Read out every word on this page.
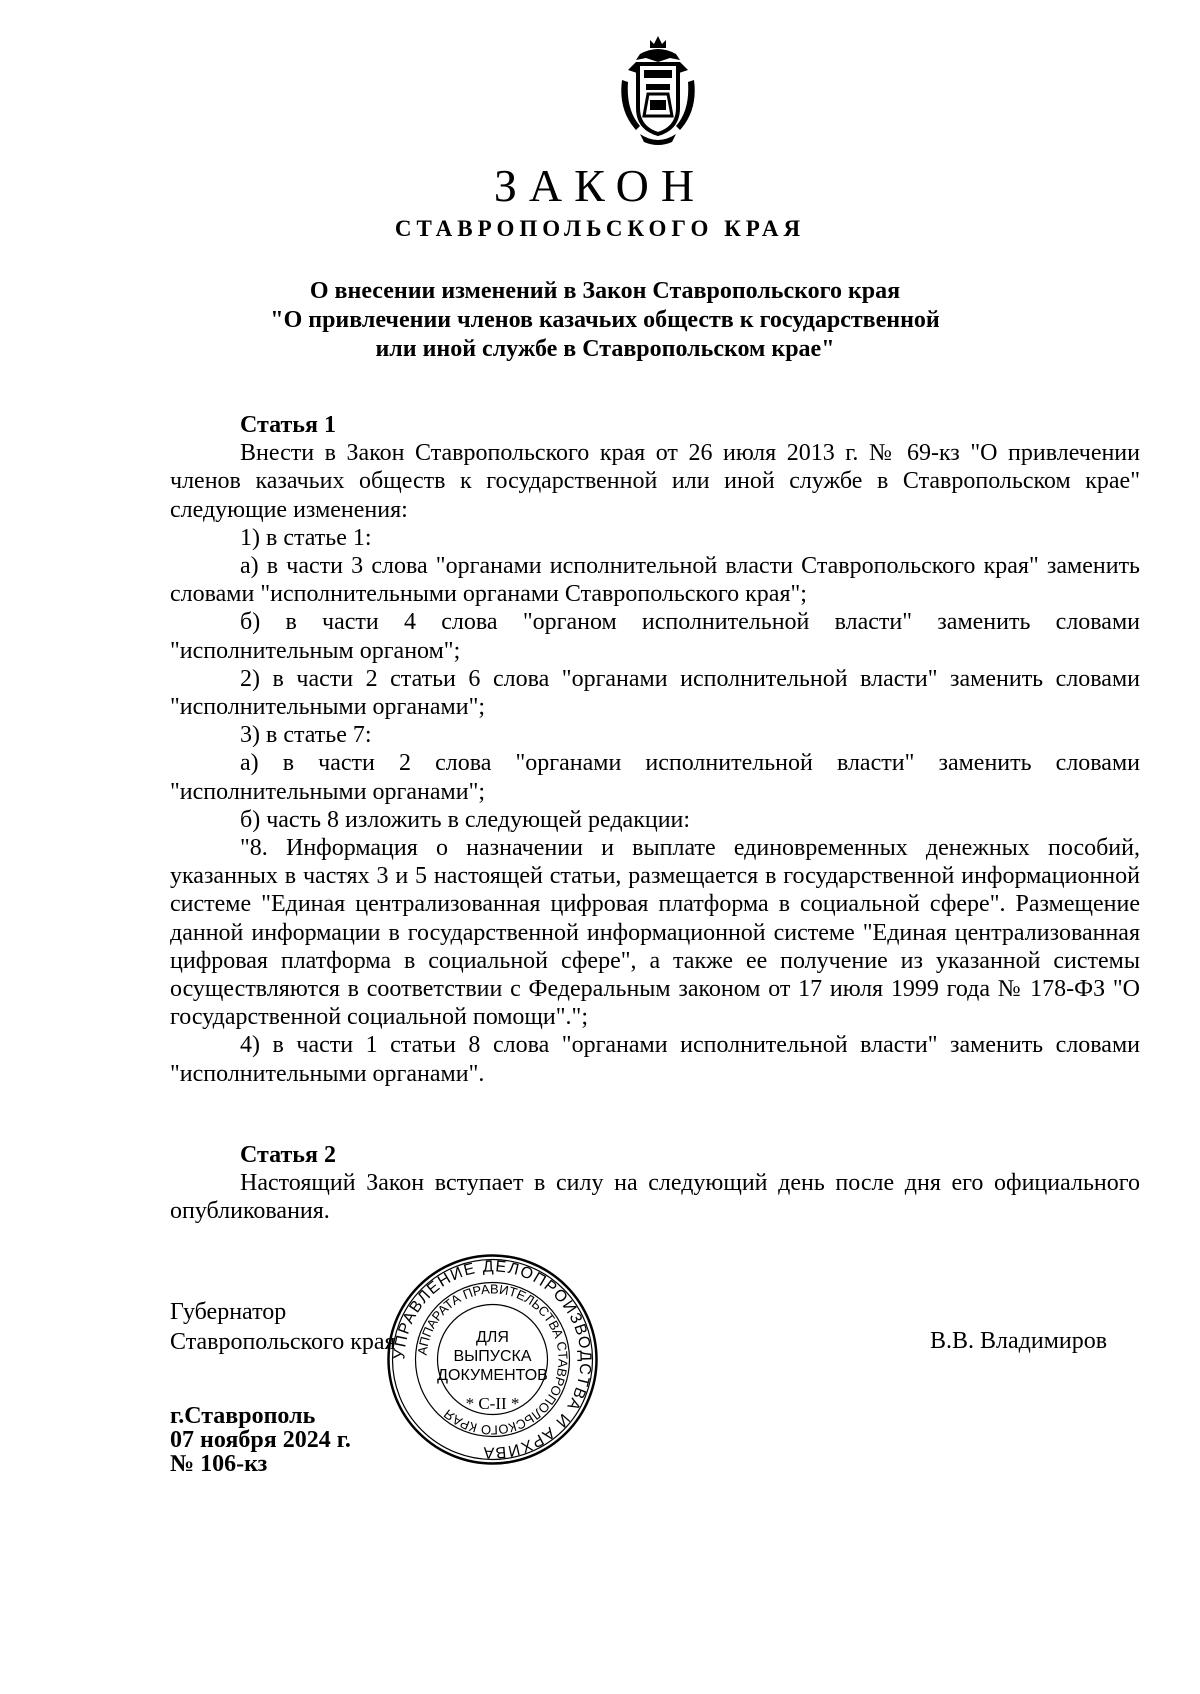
ЗАКОН
СТАВРОПОЛЬСКОГО КРАЯ
О внесении изменений в Закон Ставропольского края
"О привлечении членов казачьих обществ к государственной
или иной службе в Ставропольском крае"

Статья 1

Внести в Закон Ставропольского края от 26 июля 2013 г. № 69-кз "О привлечении членов казачьих обществ к государственной или иной службе в Ставропольском крае" следующие изменения:

1) в статье 1:

а) в части 3 слова "органами исполнительной власти Ставропольского края" заменить словами "исполнительными органами Ставропольского края";

б) в части 4 слова "органом исполнительной власти" заменить словами "исполнительным органом";

2) в части 2 статьи 6 слова "органами исполнительной власти" заменить словами "исполнительными органами";

3) в статье 7:

а) в части 2 слова "органами исполнительной власти" заменить словами "исполнительными органами";

б) часть 8 изложить в следующей редакции:

"8. Информация о назначении и выплате единовременных денежных пособий, указанных в частях 3 и 5 настоящей статьи, размещается в государственной информационной системе "Единая централизованная цифровая платформа в социальной сфере". Размещение данной информации в государственной информационной системе "Единая централизованная цифровая платформа в социальной сфере", а также ее получение из указанной системы осуществляются в соответствии с Федеральным законом от 17 июля 1999 года № 178-ФЗ "О государственной социальной помощи".";

4) в части 1 статьи 8 слова "органами исполнительной власти" заменить словами "исполнительными органами".

Статья 2

Настоящий Закон вступает в силу на следующий день после дня его официального опубликования.

Губернатор
Ставропольского края	В.В. Владимиров
г.Ставрополь
07 ноября 2024 г.
№ 106-кз
УПРАВЛЕНИЕ ДЕЛОПРОИЗВОДСТВА И АРХИВА
АППАРАТА ПРАВИТЕЛЬСТВА СТАВРОПОЛЬСКОГО КРАЯ
ДЛЯ
ВЫПУСКА
ДОКУМЕНТОВ
* С-II *
